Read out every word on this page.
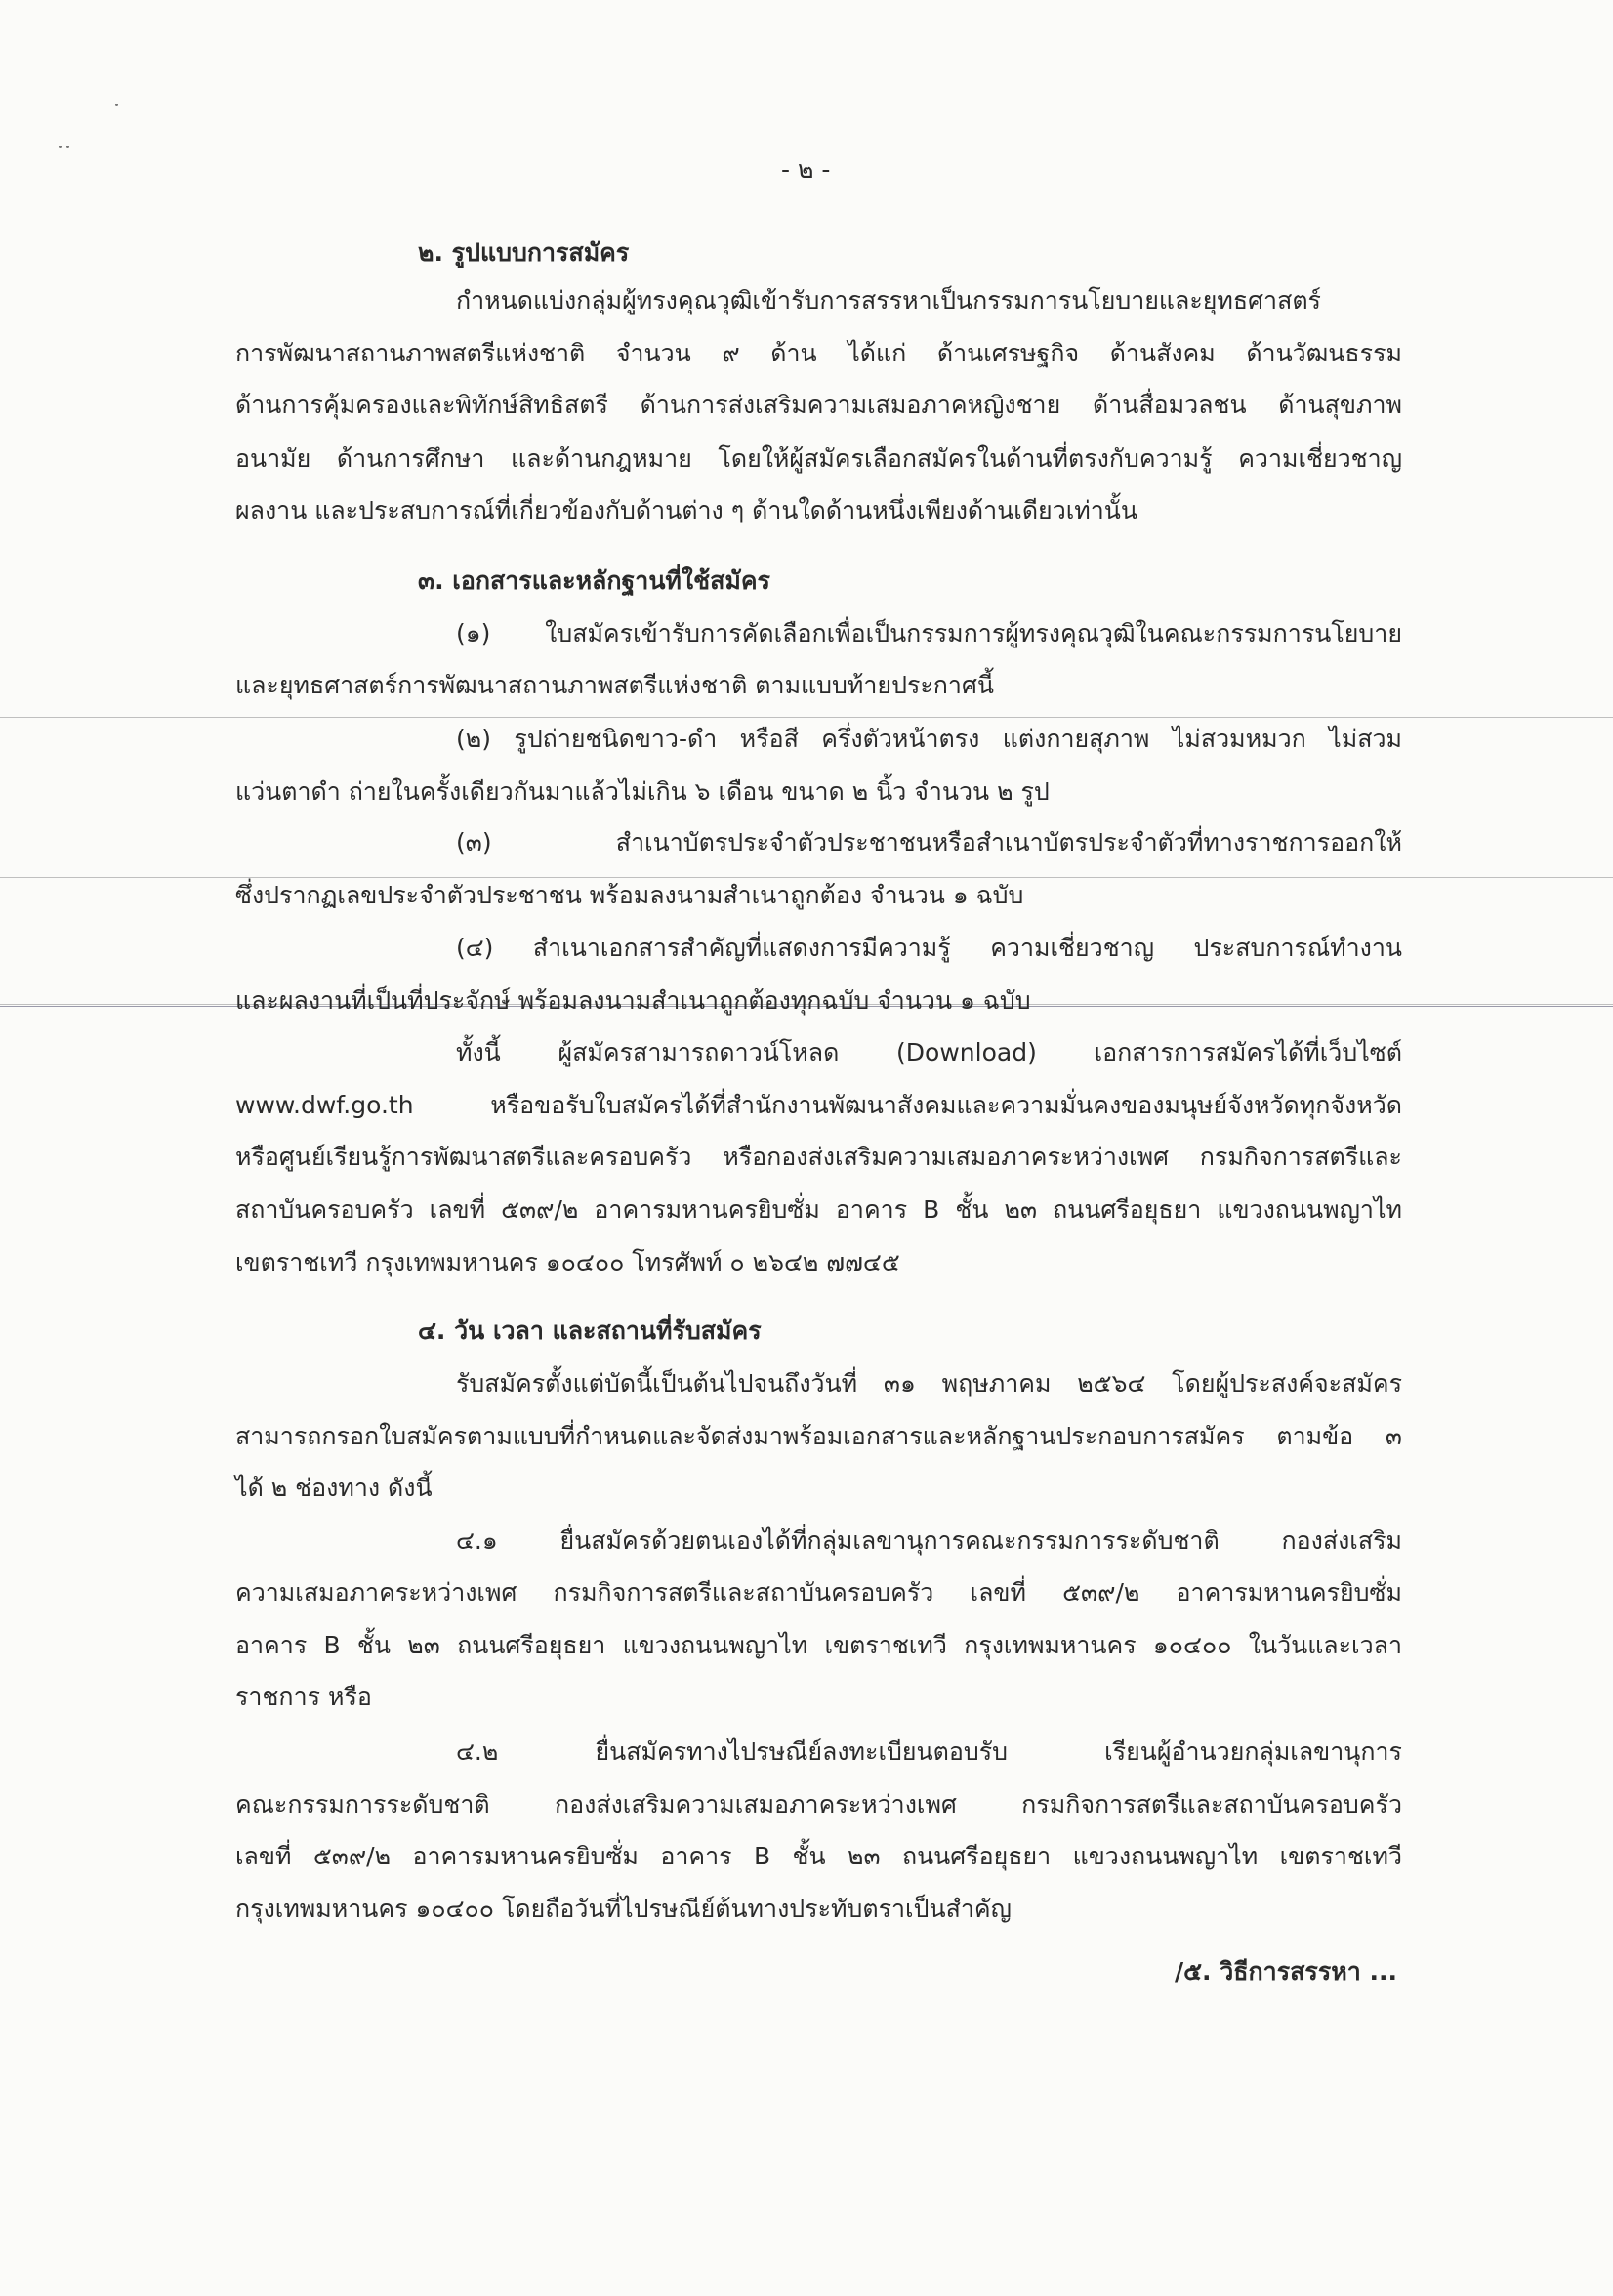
- ๒ -

๒. รูปแบบการสมัคร

กำหนดแบ่งกลุ่มผู้ทรงคุณวุฒิเข้ารับการสรรหาเป็นกรรมการนโยบายและยุทธศาสตร์

การพัฒนาสถานภาพสตรีแห่งชาติ จำนวน ๙ ด้าน ได้แก่ ด้านเศรษฐกิจ ด้านสังคม ด้านวัฒนธรรม

ด้านการคุ้มครองและพิทักษ์สิทธิสตรี ด้านการส่งเสริมความเสมอภาคหญิงชาย ด้านสื่อมวลชน ด้านสุขภาพ

อนามัย ด้านการศึกษา และด้านกฎหมาย โดยให้ผู้สมัครเลือกสมัครในด้านที่ตรงกับความรู้ ความเชี่ยวชาญ

ผลงาน และประสบการณ์ที่เกี่ยวข้องกับด้านต่าง ๆ ด้านใดด้านหนึ่งเพียงด้านเดียวเท่านั้น

๓. เอกสารและหลักฐานที่ใช้สมัคร

(๑) ใบสมัครเข้ารับการคัดเลือกเพื่อเป็นกรรมการผู้ทรงคุณวุฒิในคณะกรรมการนโยบาย

และยุทธศาสตร์การพัฒนาสถานภาพสตรีแห่งชาติ ตามแบบท้ายประกาศนี้

(๒) รูปถ่ายชนิดขาว-ดำ หรือสี ครึ่งตัวหน้าตรง แต่งกายสุภาพ ไม่สวมหมวก ไม่สวม

แว่นตาดำ ถ่ายในครั้งเดียวกันมาแล้วไม่เกิน ๖ เดือน ขนาด ๒ นิ้ว จำนวน ๒ รูป

(๓) สำเนาบัตรประจำตัวประชาชนหรือสำเนาบัตรประจำตัวที่ทางราชการออกให้

ซึ่งปรากฏเลขประจำตัวประชาชน พร้อมลงนามสำเนาถูกต้อง จำนวน ๑ ฉบับ

(๔) สำเนาเอกสารสำคัญที่แสดงการมีความรู้ ความเชี่ยวชาญ ประสบการณ์ทำงาน

และผลงานที่เป็นที่ประจักษ์ พร้อมลงนามสำเนาถูกต้องทุกฉบับ จำนวน ๑ ฉบับ

ทั้งนี้ ผู้สมัครสามารถดาวน์โหลด (Download) เอกสารการสมัครได้ที่เว็บไซต์

www.dwf.go.th หรือขอรับใบสมัครได้ที่สำนักงานพัฒนาสังคมและความมั่นคงของมนุษย์จังหวัดทุกจังหวัด

หรือศูนย์เรียนรู้การพัฒนาสตรีและครอบครัว หรือกองส่งเสริมความเสมอภาคระหว่างเพศ กรมกิจการสตรีและ

สถาบันครอบครัว เลขที่ ๕๓๙/๒ อาคารมหานครยิบซั่ม อาคาร B ชั้น ๒๓ ถนนศรีอยุธยา แขวงถนนพญาไท

เขตราชเทวี กรุงเทพมหานคร ๑๐๔๐๐ โทรศัพท์ ๐ ๒๖๔๒ ๗๗๔๕

๔. วัน เวลา และสถานที่รับสมัคร

รับสมัครตั้งแต่บัดนี้เป็นต้นไปจนถึงวันที่ ๓๑ พฤษภาคม ๒๕๖๔ โดยผู้ประสงค์จะสมัคร

สามารถกรอกใบสมัครตามแบบที่กำหนดและจัดส่งมาพร้อมเอกสารและหลักฐานประกอบการสมัคร ตามข้อ ๓

ได้ ๒ ช่องทาง ดังนี้

๔.๑ ยื่นสมัครด้วยตนเองได้ที่กลุ่มเลขานุการคณะกรรมการระดับชาติ กองส่งเสริม

ความเสมอภาคระหว่างเพศ กรมกิจการสตรีและสถาบันครอบครัว เลขที่ ๕๓๙/๒ อาคารมหานครยิบซั่ม

อาคาร B ชั้น ๒๓ ถนนศรีอยุธยา แขวงถนนพญาไท เขตราชเทวี กรุงเทพมหานคร ๑๐๔๐๐ ในวันและเวลา

ราชการ หรือ

๔.๒ ยื่นสมัครทางไปรษณีย์ลงทะเบียนตอบรับ เรียนผู้อำนวยกลุ่มเลขานุการ

คณะกรรมการระดับชาติ กองส่งเสริมความเสมอภาคระหว่างเพศ กรมกิจการสตรีและสถาบันครอบครัว

เลขที่ ๕๓๙/๒ อาคารมหานครยิบซั่ม อาคาร B ชั้น ๒๓ ถนนศรีอยุธยา แขวงถนนพญาไท เขตราชเทวี

กรุงเทพมหานคร ๑๐๔๐๐ โดยถือวันที่ไปรษณีย์ต้นทางประทับตราเป็นสำคัญ

/๕. วิธีการสรรหา ...
